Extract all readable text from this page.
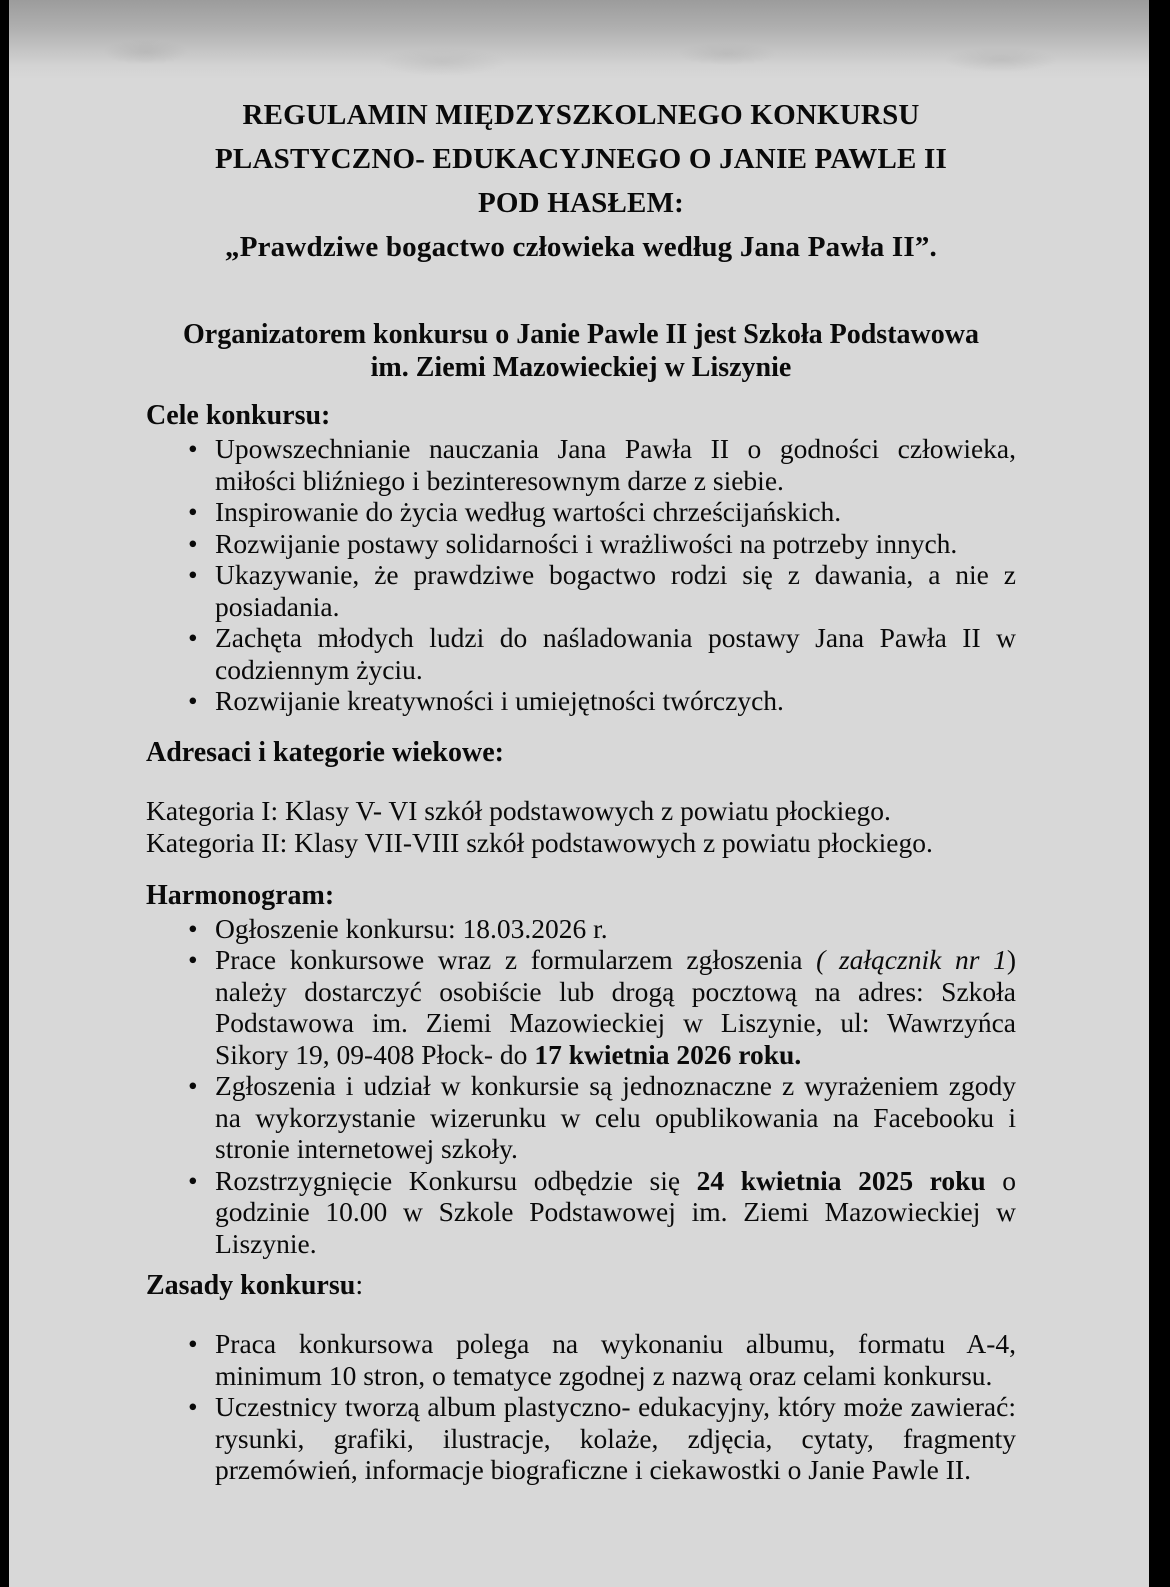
REGULAMIN MIĘDZYSZKOLNEGO KONKURSU

PLASTYCZNO- EDUKACYJNEGO O JANIE PAWLE II

POD HASŁEM:

„Prawdziwe bogactwo człowieka według Jana Pawła II”.

Organizatorem konkursu o Janie Pawle II jest Szkoła Podstawowa

im. Ziemi Mazowieckiej w Liszynie

Cele konkursu:

• Upowszechnianie nauczania Jana Pawła II o godności człowieka, miłości bliźniego i bezinteresownym darze z siebie.
• Inspirowanie do życia według wartości chrześcijańskich.
• Rozwijanie postawy solidarności i wrażliwości na potrzeby innych.
• Ukazywanie, że prawdziwe bogactwo rodzi się z dawania, a nie z posiadania.
• Zachęta młodych ludzi do naśladowania postawy Jana Pawła II w codziennym życiu.
• Rozwijanie kreatywności i umiejętności twórczych.

Adresaci i kategorie wiekowe:

Kategoria I: Klasy V- VI szkół podstawowych z powiatu płockiego.

Kategoria II: Klasy VII-VIII szkół podstawowych z powiatu płockiego.

Harmonogram:

• Ogłoszenie konkursu: 18.03.2026 r.
• Prace konkursowe wraz z formularzem zgłoszenia ( załącznik nr 1) należy dostarczyć osobiście lub drogą pocztową na adres: Szkoła Podstawowa im. Ziemi Mazowieckiej w Liszynie, ul: Wawrzyńca Sikory 19, 09-408 Płock- do 17 kwietnia 2026 roku.
• Zgłoszenia i udział w konkursie są jednoznaczne z wyrażeniem zgody na wykorzystanie wizerunku w celu opublikowania na Facebooku i stronie internetowej szkoły.
• Rozstrzygnięcie Konkursu odbędzie się 24 kwietnia 2025 roku o godzinie 10.00 w Szkole Podstawowej im. Ziemi Mazowieckiej w Liszynie.

Zasady konkursu:

• Praca konkursowa polega na wykonaniu albumu, formatu A-4, minimum 10 stron, o tematyce zgodnej z nazwą oraz celami konkursu.
• Uczestnicy tworzą album plastyczno- edukacyjny, który może zawierać: rysunki, grafiki, ilustracje, kolaże, zdjęcia, cytaty, fragmenty przemówień, informacje biograficzne i ciekawostki o Janie Pawle II.
